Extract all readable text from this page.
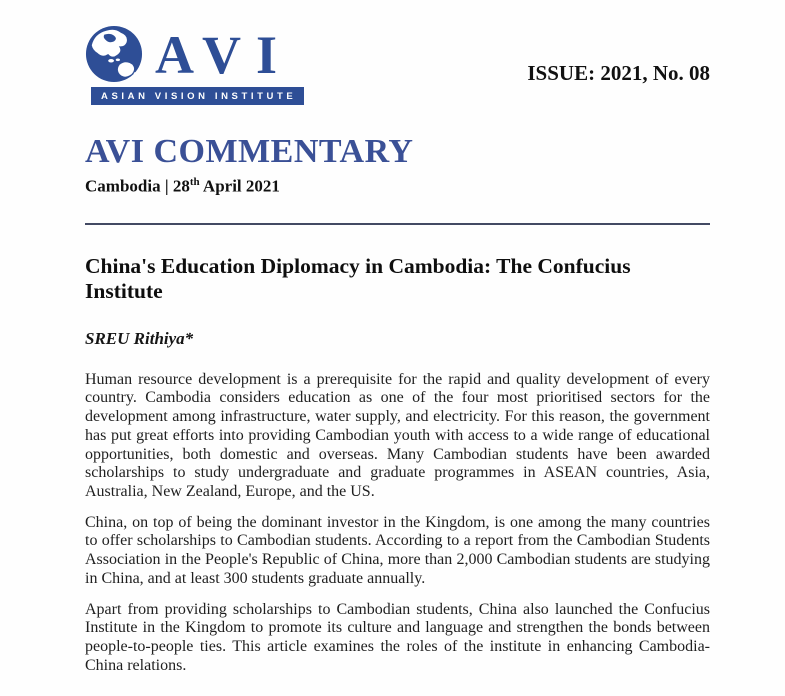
AVI
ASIAN VISION INSTITUTE
ISSUE: 2021, No. 08
AVI COMMENTARY
Cambodia | 28th April 2021
China's Education Diplomacy in Cambodia: The Confucius Institute
SREU Rithiya*

Human resource development is a prerequisite for the rapid and quality development of every country. Cambodia considers education as one of the four most prioritised sectors for the development among infrastructure, water supply, and electricity. For this reason, the government has put great efforts into providing Cambodian youth with access to a wide range of educational opportunities, both domestic and overseas. Many Cambodian students have been awarded scholarships to study undergraduate and graduate programmes in ASEAN countries, Asia, Australia, New Zealand, Europe, and the US.

China, on top of being the dominant investor in the Kingdom, is one among the many countries to offer scholarships to Cambodian students. According to a report from the Cambodian Students Association in the People's Republic of China, more than 2,000 Cambodian students are studying in China, and at least 300 students graduate annually.

Apart from providing scholarships to Cambodian students, China also launched the Confucius Institute in the Kingdom to promote its culture and language and strengthen the bonds between people-to-people ties. This article examines the roles of the institute in enhancing Cambodia-China relations.
